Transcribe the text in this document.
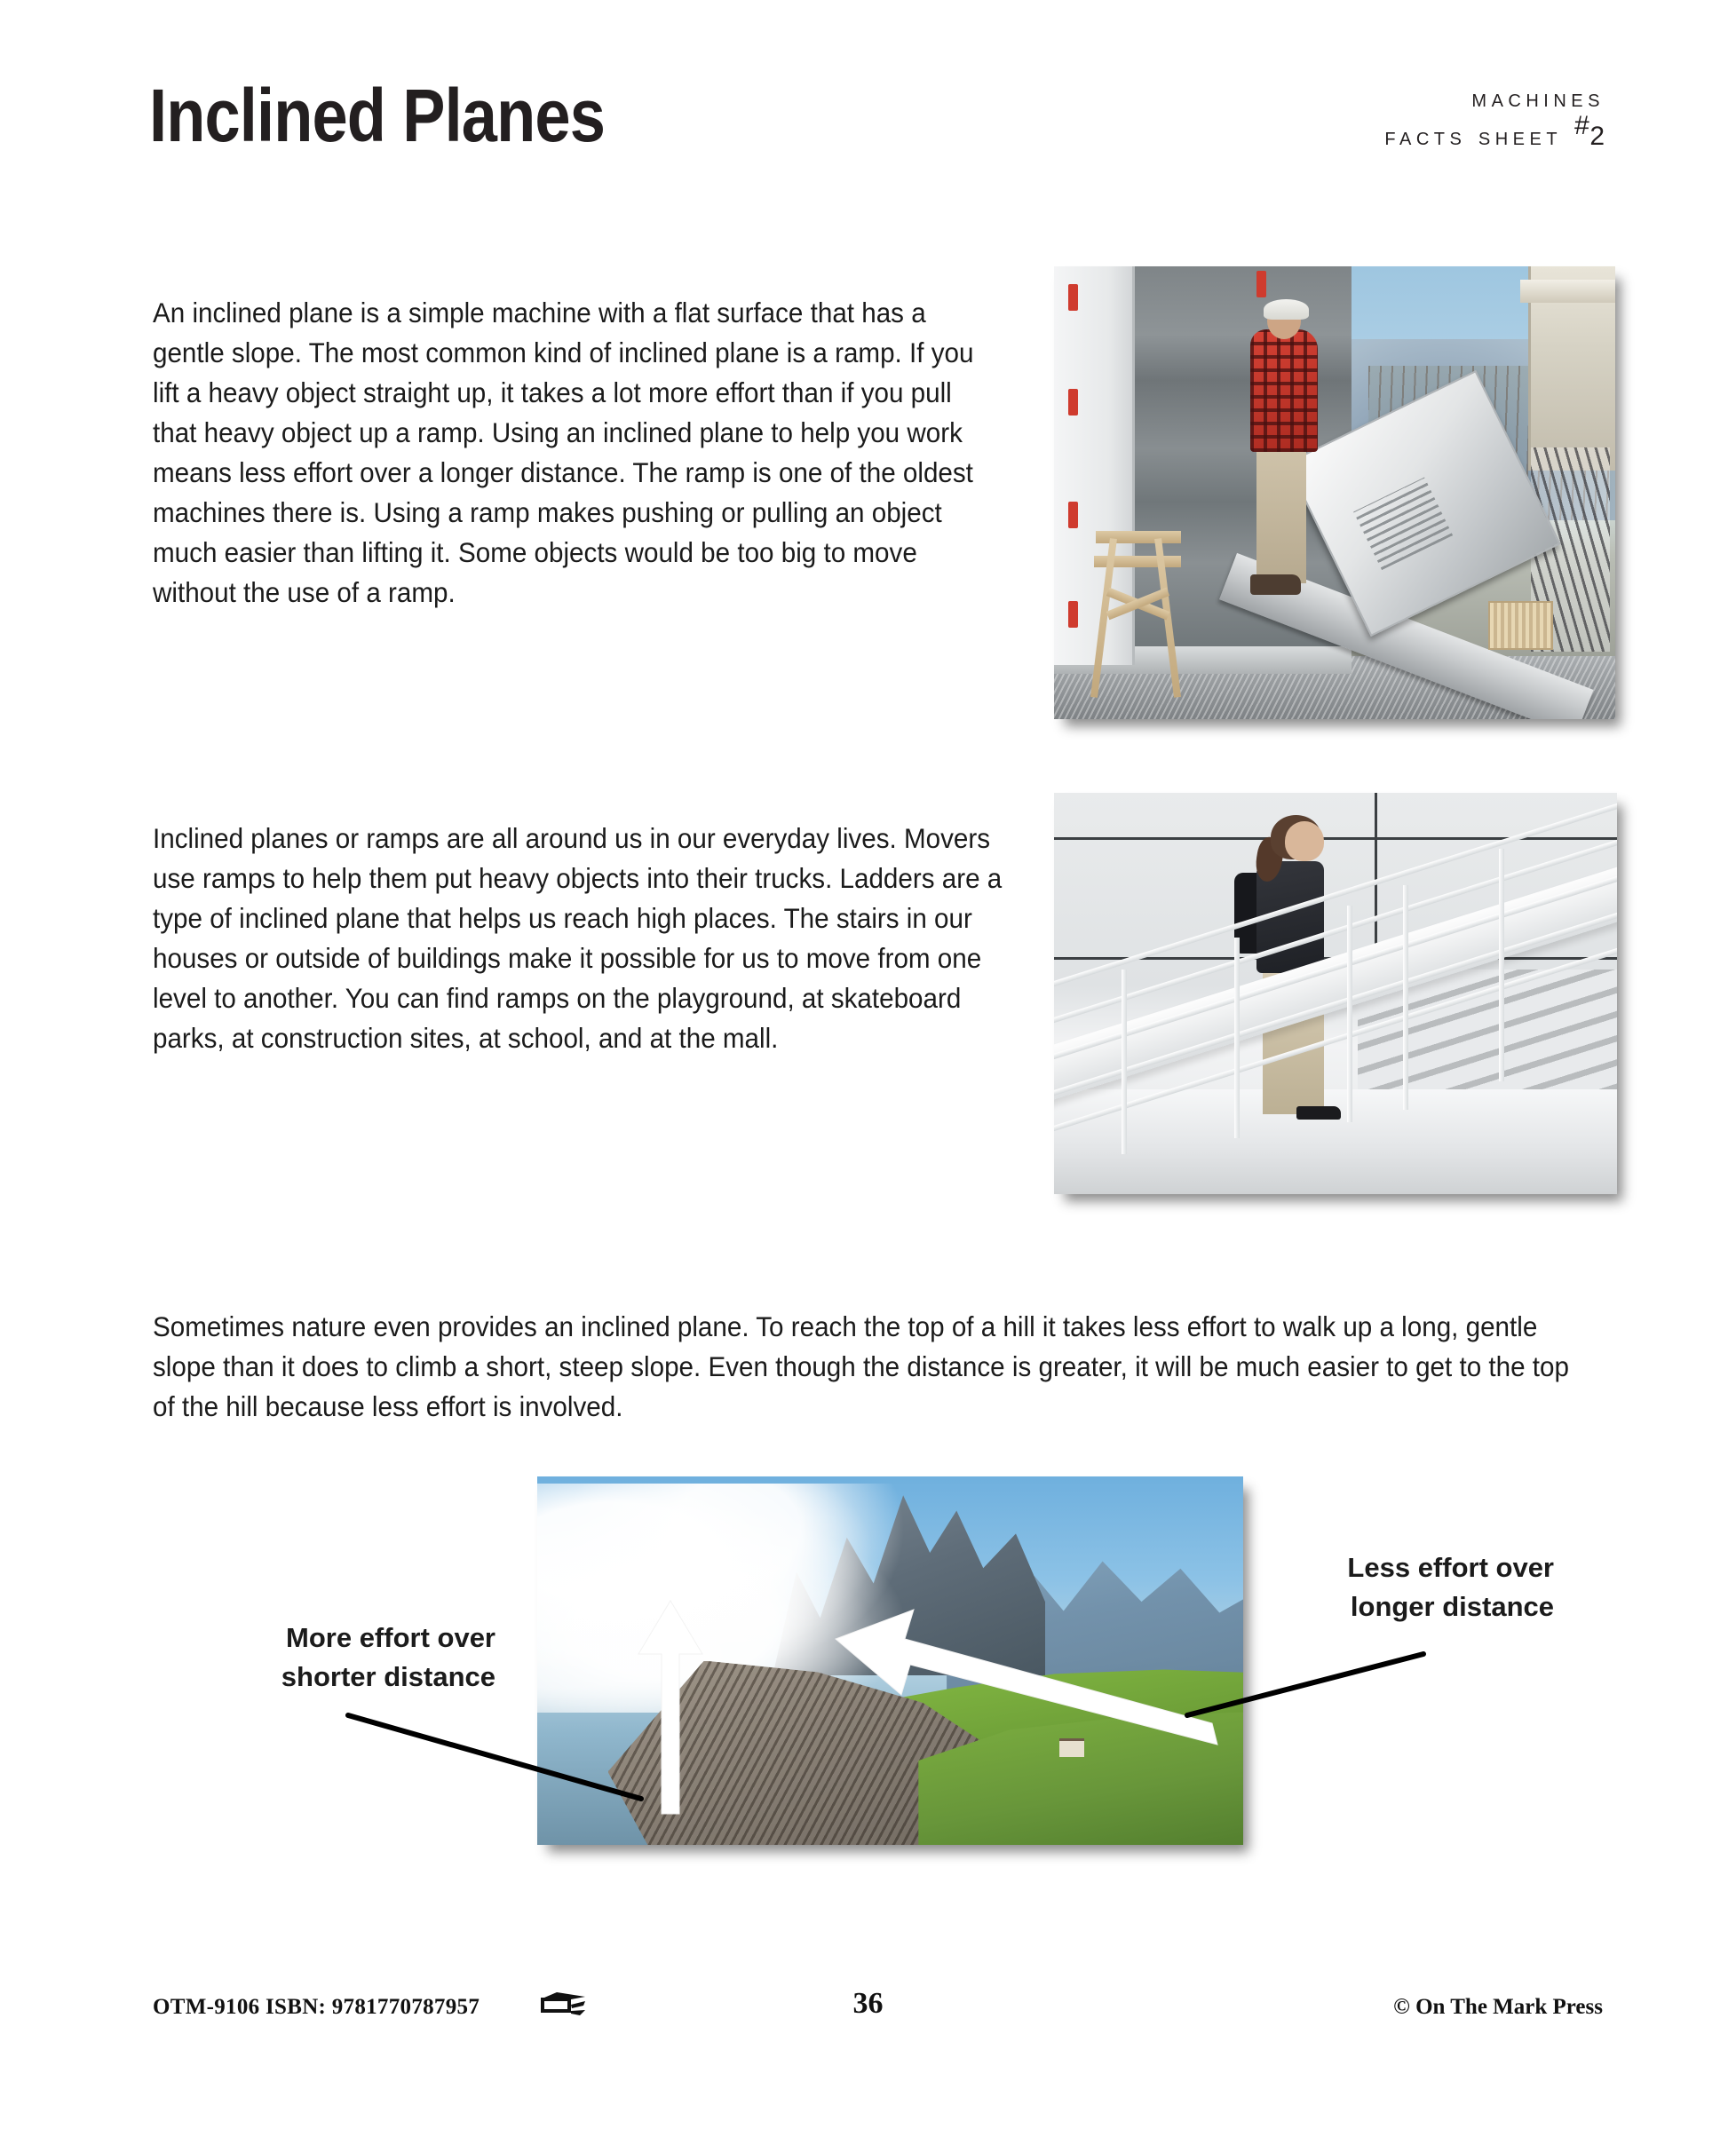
Inclined Planes	machines
facts sheet #2

An inclined plane is a simple machine with a flat surface that has a gentle slope. The most common kind of inclined plane is a ramp. If you lift a heavy object straight up, it takes a lot more effort than if you pull that heavy object up a ramp. Using an inclined plane to help you work means less effort over a longer distance. The ramp is one of the oldest machines there is. Using a ramp makes pushing or pulling an object much easier than lifting it. Some objects would be too big to move without the use of a ramp.

Inclined planes or ramps are all around us in our everyday lives. Movers use ramps to help them put heavy objects into their trucks. Ladders are a type of inclined plane that helps us reach high places. The stairs in our houses or outside of buildings make it possible for us to move from one level to another. You can find ramps on the playground, at skateboard parks, at construction sites, at school, and at the mall.

Sometimes nature even provides an inclined plane. To reach the top of a hill it takes less effort to walk up a long, gentle slope than it does to climb a short, steep slope. Even though the distance is greater, it will be much easier to get to the top of the hill because less effort is involved.

More effort over
shorter distance
Less effort over
longer distance
OTM-9106 ISBN: 9781770787957	36	© On The Mark Press
